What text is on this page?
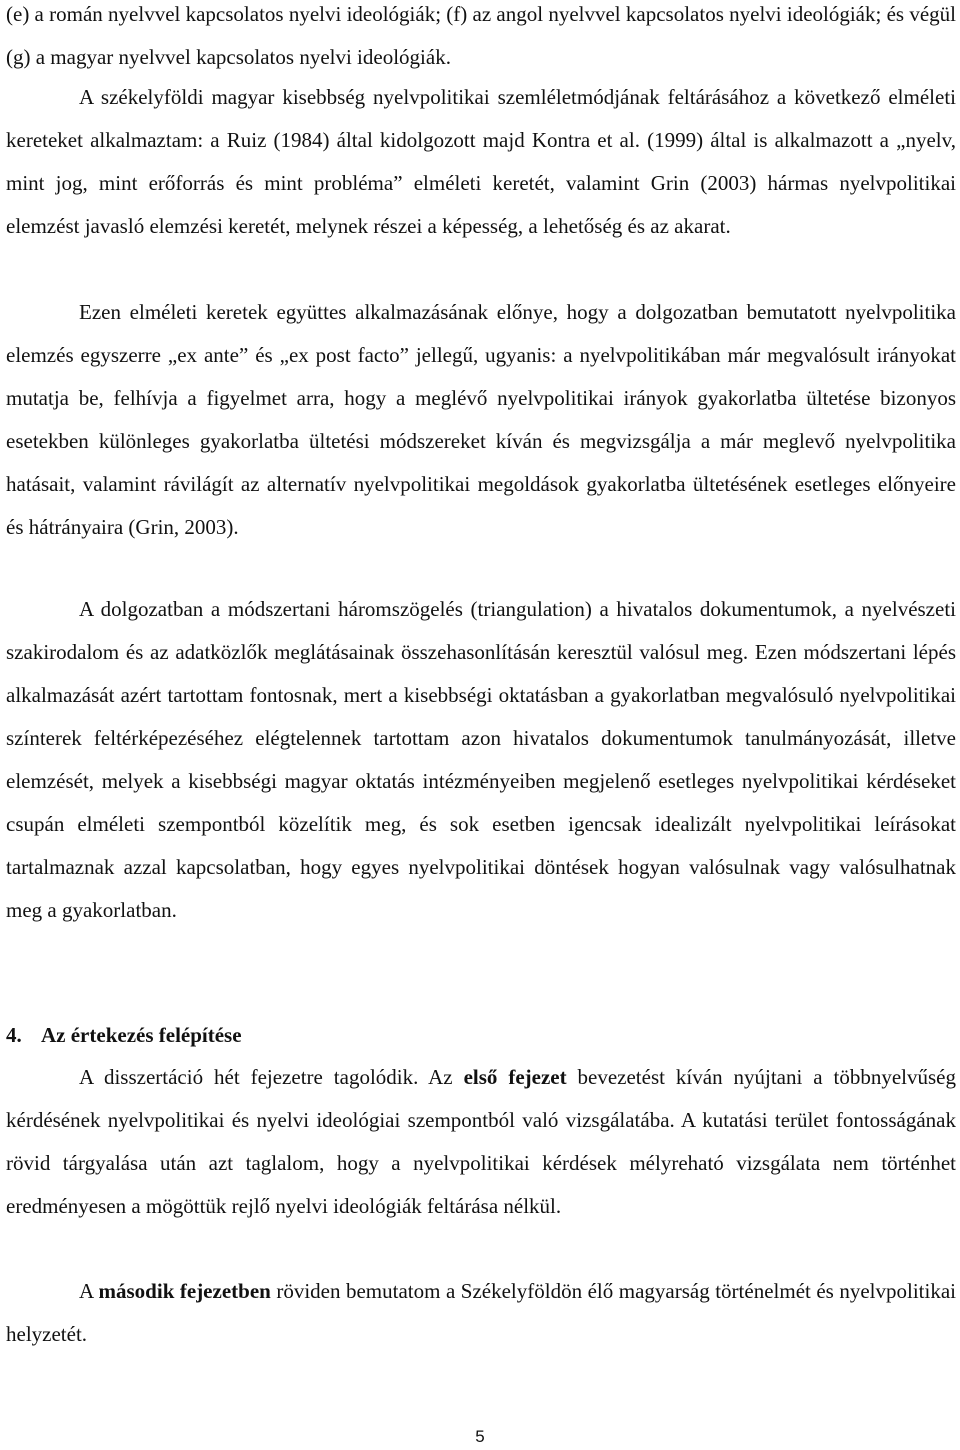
(e) a román nyelvvel kapcsolatos nyelvi ideológiák; (f) az angol nyelvvel kapcsolatos nyelvi ideológiák; és végül (g) a magyar nyelvvel kapcsolatos nyelvi ideológiák.

A székelyföldi magyar kisebbség nyelvpolitikai szemléletmódjának feltárásához a következő elméleti kereteket alkalmaztam: a Ruiz (1984) által kidolgozott majd Kontra et al. (1999) által is alkalmazott a „nyelv, mint jog, mint erőforrás és mint probléma” elméleti keretét, valamint Grin (2003) hármas nyelvpolitikai elemzést javasló elemzési keretét, melynek részei a képesség, a lehetőség és az akarat.

Ezen elméleti keretek együttes alkalmazásának előnye, hogy a dolgozatban bemutatott nyelvpolitika elemzés egyszerre „ex ante” és „ex post facto” jellegű, ugyanis: a nyelvpolitikában már megvalósult irányokat mutatja be, felhívja a figyelmet arra, hogy a meglévő nyelvpolitikai irányok gyakorlatba ültetése bizonyos esetekben különleges gyakorlatba ültetési módszereket kíván és megvizsgálja a már meglevő nyelvpolitika hatásait, valamint rávilágít az alternatív nyelvpolitikai megoldások gyakorlatba ültetésének esetleges előnyeire és hátrányaira (Grin, 2003).

A dolgozatban a módszertani háromszögelés (triangulation) a hivatalos dokumentumok, a nyelvészeti szakirodalom és az adatközlők meglátásainak összehasonlításán keresztül valósul meg. Ezen módszertani lépés alkalmazását azért tartottam fontosnak, mert a kisebbségi oktatásban a gyakorlatban megvalósuló nyelvpolitikai színterek feltérképezéséhez elégtelennek tartottam azon hivatalos dokumentumok tanulmányozását, illetve elemzését, melyek a kisebbségi magyar oktatás intézményeiben megjelenő esetleges nyelvpolitikai kérdéseket csupán elméleti szempontból közelítik meg, és sok esetben igencsak idealizált nyelvpolitikai leírásokat tartalmaznak azzal kapcsolatban, hogy egyes nyelvpolitikai döntések hogyan valósulnak vagy valósulhatnak meg a gyakorlatban.

4. Az értekezés felépítése

A disszertáció hét fejezetre tagolódik. Az első fejezet bevezetést kíván nyújtani a többnyelvűség kérdésének nyelvpolitikai és nyelvi ideológiai szempontból való vizsgálatába. A kutatási terület fontosságának rövid tárgyalása után azt taglalom, hogy a nyelvpolitikai kérdések mélyreható vizsgálata nem történhet eredményesen a mögöttük rejlő nyelvi ideológiák feltárása nélkül.

A második fejezetben röviden bemutatom a Székelyföldön élő magyarság történelmét és nyelvpolitikai helyzetét.

5
